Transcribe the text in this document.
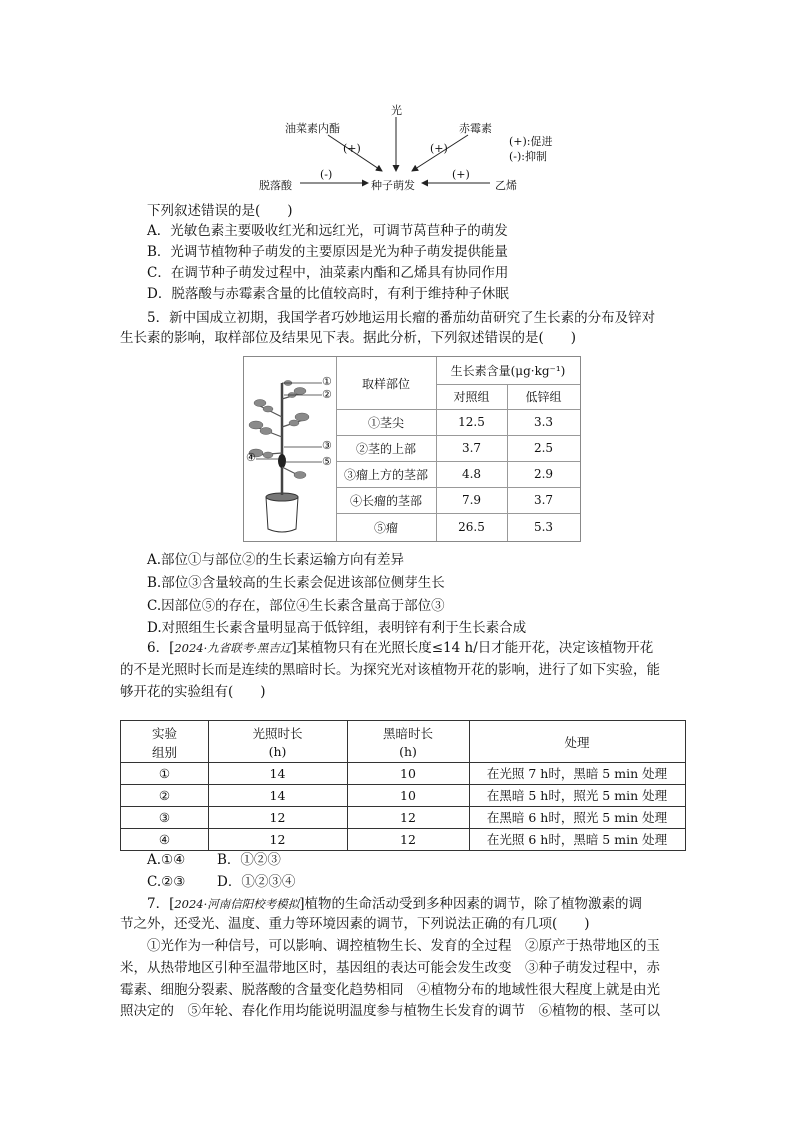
光
油菜素内酯	赤霉素
(+)	(+)
(+):促进
(-):抑制
(-)	(+)
脱落酸	种子萌发	乙烯
下列叙述错误的是(　　)
A．光敏色素主要吸收红光和远红光，可调节莴苣种子的萌发
B．光调节植物种子萌发的主要原因是光为种子萌发提供能量
C．在调节种子萌发过程中，油菜素内酯和乙烯具有协同作用
D．脱落酸与赤霉素含量的比值较高时，有利于维持种子休眠
5．新中国成立初期，我国学者巧妙地运用长瘤的番茄幼苗研究了生长素的分布及锌对
生长素的影响，取样部位及结果见下表。据此分析，下列叙述错误的是(　　)
①
②
③
④	⑤
取样部位
生长素含量(μg·kg⁻¹)
对照组	低锌组
①茎尖	12.5	3.3
②茎的上部	3.7	2.5
③瘤上方的茎部	4.8	2.9
④长瘤的茎部	7.9	3.7
⑤瘤	26.5	5.3
A.部位①与部位②的生长素运输方向有差异
B.部位③含量较高的生长素会促进该部位侧芽生长
C.因部位⑤的存在，部位④生长素含量高于部位③
D.对照组生长素含量明显高于低锌组，表明锌有利于生长素合成
6．[2024·九省联考·黑吉辽]某植物只有在光照长度≤14 h/日才能开花，决定该植物开花
的不是光照时长而是连续的黑暗时长。为探究光对该植物开花的影响，进行了如下实验，能
够开花的实验组有(　　)
实验
组别
光照时长
(h)
黑暗时长
(h)
处理
①	14	10	在光照 7 h时，黑暗 5 min 处理
②	14	10	在黑暗 5 h时，照光 5 min 处理
③	12	12	在黑暗 6 h时，照光 5 min 处理
④	12	12	在光照 6 h时，黑暗 5 min 处理
A.①④ B．①②③
C.②③ D．①②③④
7．[2024·河南信阳校考模拟]植物的生命活动受到多种因素的调节，除了植物激素的调
节之外，还受光、温度、重力等环境因素的调节，下列说法正确的有几项(　　)
①光作为一种信号，可以影响、调控植物生长、发育的全过程　②原产于热带地区的玉
米，从热带地区引种至温带地区时，基因组的表达可能会发生改变　③种子萌发过程中，赤
霉素、细胞分裂素、脱落酸的含量变化趋势相同　④植物分布的地域性很大程度上就是由光
照决定的　⑤年轮、春化作用均能说明温度参与植物生长发育的调节　⑥植物的根、茎可以
